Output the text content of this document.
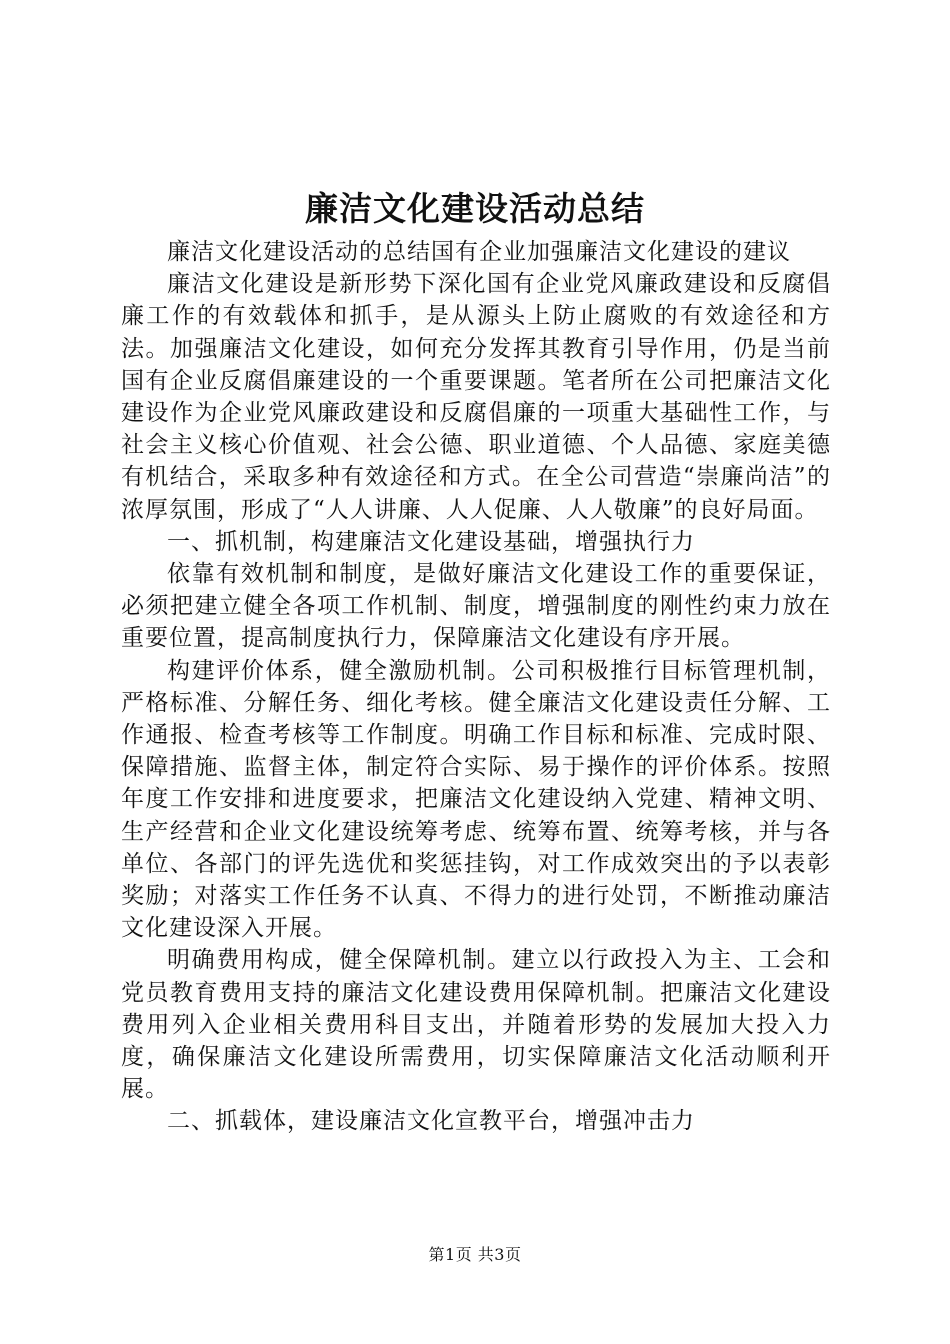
廉洁文化建设活动总结

廉洁文化建设活动的总结国有企业加强廉洁文化建设的建议

廉洁文化建设是新形势下深化国有企业党风廉政建设和反腐倡廉工作的有效载体和抓手，是从源头上防止腐败的有效途径和方法。加强廉洁文化建设，如何充分发挥其教育引导作用，仍是当前国有企业反腐倡廉建设的一个重要课题。笔者所在公司把廉洁文化建设作为企业党风廉政建设和反腐倡廉的一项重大基础性工作，与社会主义核心价值观、社会公德、职业道德、个人品德、家庭美德有机结合，采取多种有效途径和方式。在全公司营造“崇廉尚洁”的浓厚氛围，形成了“人人讲廉、人人促廉、人人敬廉”的良好局面。

一、抓机制，构建廉洁文化建设基础，增强执行力

依靠有效机制和制度，是做好廉洁文化建设工作的重要保证，必须把建立健全各项工作机制、制度，增强制度的刚性约束力放在重要位置，提高制度执行力，保障廉洁文化建设有序开展。

构建评价体系，健全激励机制。公司积极推行目标管理机制，严格标准、分解任务、细化考核。健全廉洁文化建设责任分解、工作通报、检查考核等工作制度。明确工作目标和标准、完成时限、保障措施、监督主体，制定符合实际、易于操作的评价体系。按照年度工作安排和进度要求，把廉洁文化建设纳入党建、精神文明、生产经营和企业文化建设统筹考虑、统筹布置、统筹考核，并与各单位、各部门的评先选优和奖惩挂钩，对工作成效突出的予以表彰奖励；对落实工作任务不认真、不得力的进行处罚，不断推动廉洁文化建设深入开展。

明确费用构成，健全保障机制。建立以行政投入为主、工会和党员教育费用支持的廉洁文化建设费用保障机制。把廉洁文化建设费用列入企业相关费用科目支出，并随着形势的发展加大投入力度，确保廉洁文化建设所需费用，切实保障廉洁文化活动顺利开展。

二、抓载体，建设廉洁文化宣教平台，增强冲击力

第1页 共3页
